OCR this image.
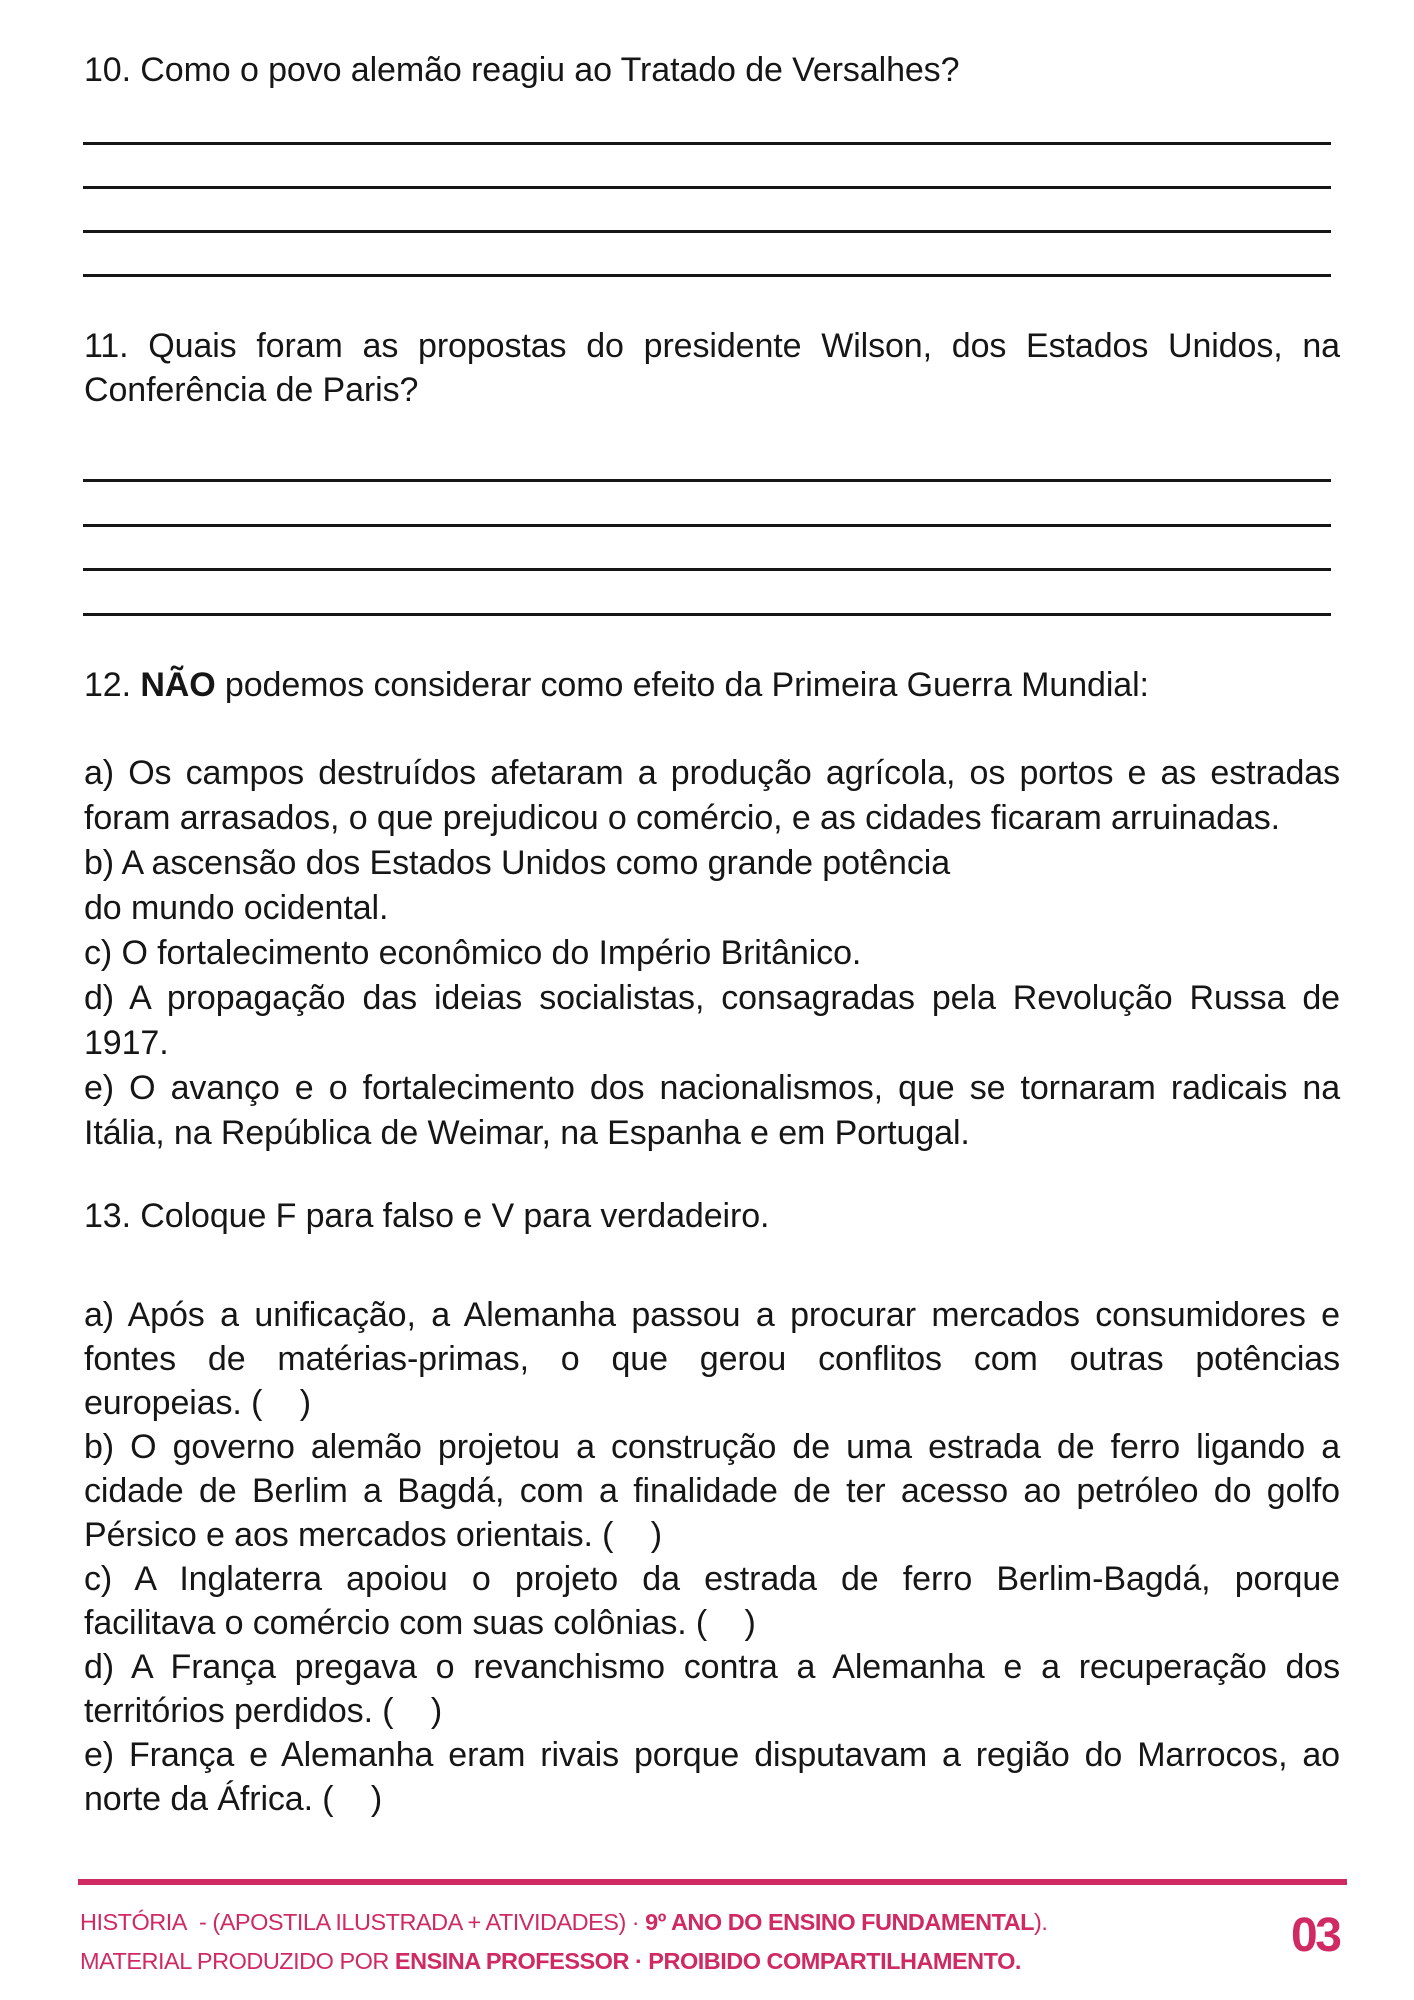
10. Como o povo alemão reagiu ao Tratado de Versalhes?
11. Quais foram as propostas do presidente Wilson, dos Estados Unidos, na
Conferência de Paris?
12. NÃO podemos considerar como efeito da Primeira Guerra Mundial:
a) Os campos destruídos afetaram a produção agrícola, os portos e as estradas
foram arrasados, o que prejudicou o comércio, e as cidades ficaram arruinadas.
b) A ascensão dos Estados Unidos como grande potência
do mundo ocidental.
c) O fortalecimento econômico do Império Britânico.
d) A propagação das ideias socialistas, consagradas pela Revolução Russa de
1917.
e) O avanço e o fortalecimento dos nacionalismos, que se tornaram radicais na
Itália, na República de Weimar, na Espanha e em Portugal.
13. Coloque F para falso e V para verdadeiro.
a) Após a unificação, a Alemanha passou a procurar mercados consumidores e
fontes de matérias-primas, o que gerou conflitos com outras potências
europeias. (    )
b) O governo alemão projetou a construção de uma estrada de ferro ligando a
cidade de Berlim a Bagdá, com a finalidade de ter acesso ao petróleo do golfo
Pérsico e aos mercados orientais. (    )
c) A Inglaterra apoiou o projeto da estrada de ferro Berlim-Bagdá, porque
facilitava o comércio com suas colônias. (    )
d) A França pregava o revanchismo contra a Alemanha e a recuperação dos
territórios perdidos. (    )
e) França e Alemanha eram rivais porque disputavam a região do Marrocos, ao
norte da África. (    )
HISTÓRIA  - (APOSTILA ILUSTRADA + ATIVIDADES) · 9º ANO DO ENSINO FUNDAMENTAL).
MATERIAL PRODUZIDO POR ENSINA PROFESSOR · PROIBIDO COMPARTILHAMENTO.	03
